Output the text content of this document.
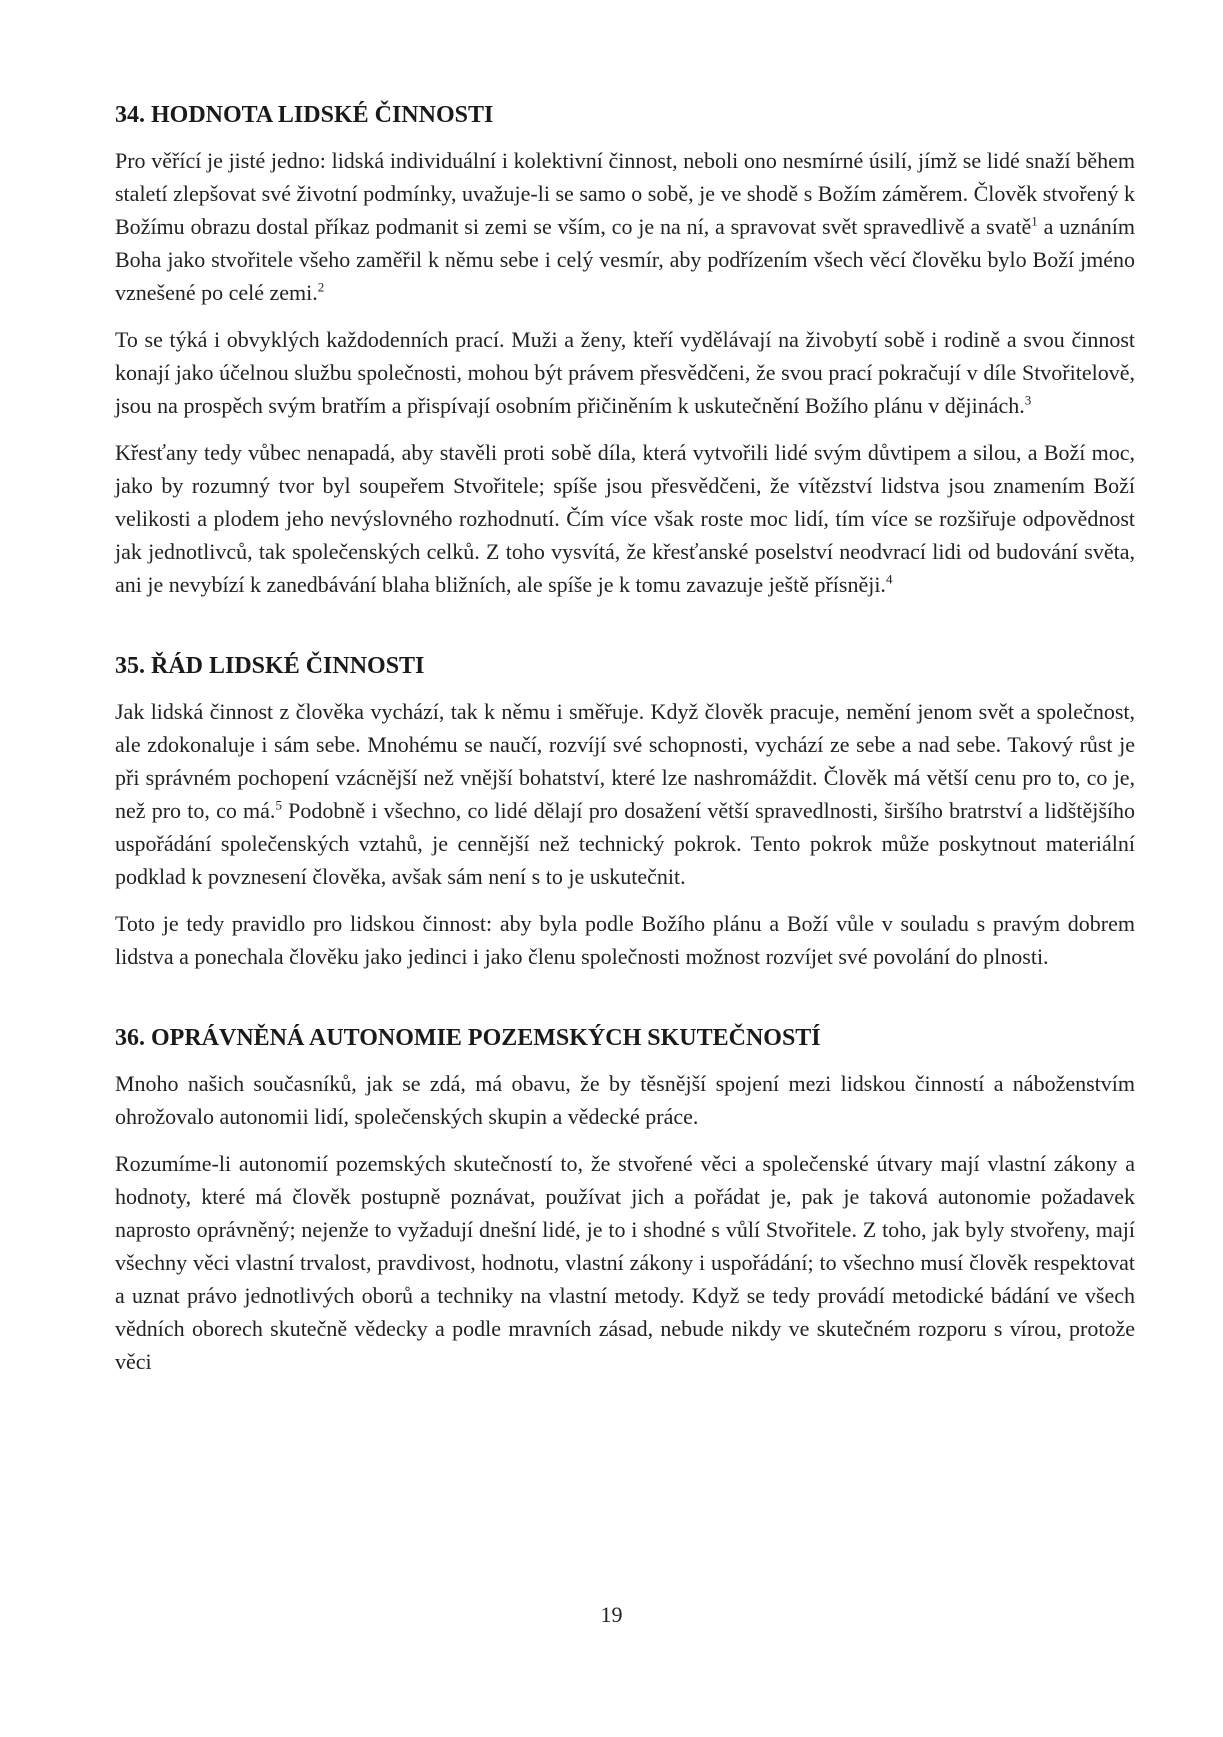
34. HODNOTA LIDSKÉ ČINNOSTI

Pro věřící je jisté jedno: lidská individuální i kolektivní činnost, neboli ono nesmírné úsilí, jímž se lidé snaží během staletí zlepšovat své životní podmínky, uvažuje-li se samo o sobě, je ve shodě s Božím záměrem. Člověk stvořený k Božímu obrazu dostal příkaz podmanit si zemi se vším, co je na ní, a spravovat svět spravedlivě a svatě$^1$ a uznáním Boha jako stvořitele všeho zaměřil k němu sebe i celý vesmír, aby podřízením všech věcí člověku bylo Boží jméno vznešené po celé zemi.$^2$

To se týká i obvyklých každodenních prací. Muži a ženy, kteří vydělávají na živobytí sobě i rodině a svou činnost konají jako účelnou službu společnosti, mohou být právem přesvědčeni, že svou prací pokračují v díle Stvořitelově, jsou na prospěch svým bratřím a přispívají osobním přičiněním k uskutečnění Božího plánu v dějinách.$^3$

Křesťany tedy vůbec nenapadá, aby stavěli proti sobě díla, která vytvořili lidé svým důvtipem a silou, a Boží moc, jako by rozumný tvor byl soupeřem Stvořitele; spíše jsou přesvědčeni, že vítězství lidstva jsou znamením Boží velikosti a plodem jeho nevýslovného rozhodnutí. Čím více však roste moc lidí, tím více se rozšiřuje odpovědnost jak jednotlivců, tak společenských celků. Z toho vysvítá, že křesťanské poselství neodvrací lidi od budování světa, ani je nevybízí k zanedbávání blaha bližních, ale spíše je k tomu zavazuje ještě přísněji.$^4$

35. ŘÁD LIDSKÉ ČINNOSTI

Jak lidská činnost z člověka vychází, tak k němu i směřuje. Když člověk pracuje, nemění jenom svět a společnost, ale zdokonaluje i sám sebe. Mnohému se naučí, rozvíjí své schopnosti, vychází ze sebe a nad sebe. Takový růst je při správném pochopení vzácnější než vnější bohatství, které lze nashromáždit. Člověk má větší cenu pro to, co je, než pro to, co má.$^5$ Podobně i všechno, co lidé dělají pro dosažení větší spravedlnosti, širšího bratrství a lidštějšího uspořádání společenských vztahů, je cennější než technický pokrok. Tento pokrok může poskytnout materiální podklad k povznesení člověka, avšak sám není s to je uskutečnit.

Toto je tedy pravidlo pro lidskou činnost: aby byla podle Božího plánu a Boží vůle v souladu s pravým dobrem lidstva a ponechala člověku jako jedinci i jako členu společnosti možnost rozvíjet své povolání do plnosti.

36. OPRÁVNĚNÁ AUTONOMIE POZEMSKÝCH SKUTEČNOSTÍ

Mnoho našich současníků, jak se zdá, má obavu, že by těsnější spojení mezi lidskou činností a náboženstvím ohrožovalo autonomii lidí, společenských skupin a vědecké práce.

Rozumíme-li autonomií pozemských skutečností to, že stvořené věci a společenské útvary mají vlastní zákony a hodnoty, které má člověk postupně poznávat, používat jich a pořádat je, pak je taková autonomie požadavek naprosto oprávněný; nejenže to vyžadují dnešní lidé, je to i shodné s vůlí Stvořitele. Z toho, jak byly stvořeny, mají všechny věci vlastní trvalost, pravdivost, hodnotu, vlastní zákony i uspořádání; to všechno musí člověk respektovat a uznat právo jednotlivých oborů a techniky na vlastní metody. Když se tedy provádí metodické bádání ve všech vědních oborech skutečně vědecky a podle mravních zásad, nebude nikdy ve skutečném rozporu s vírou, protože věci

19
